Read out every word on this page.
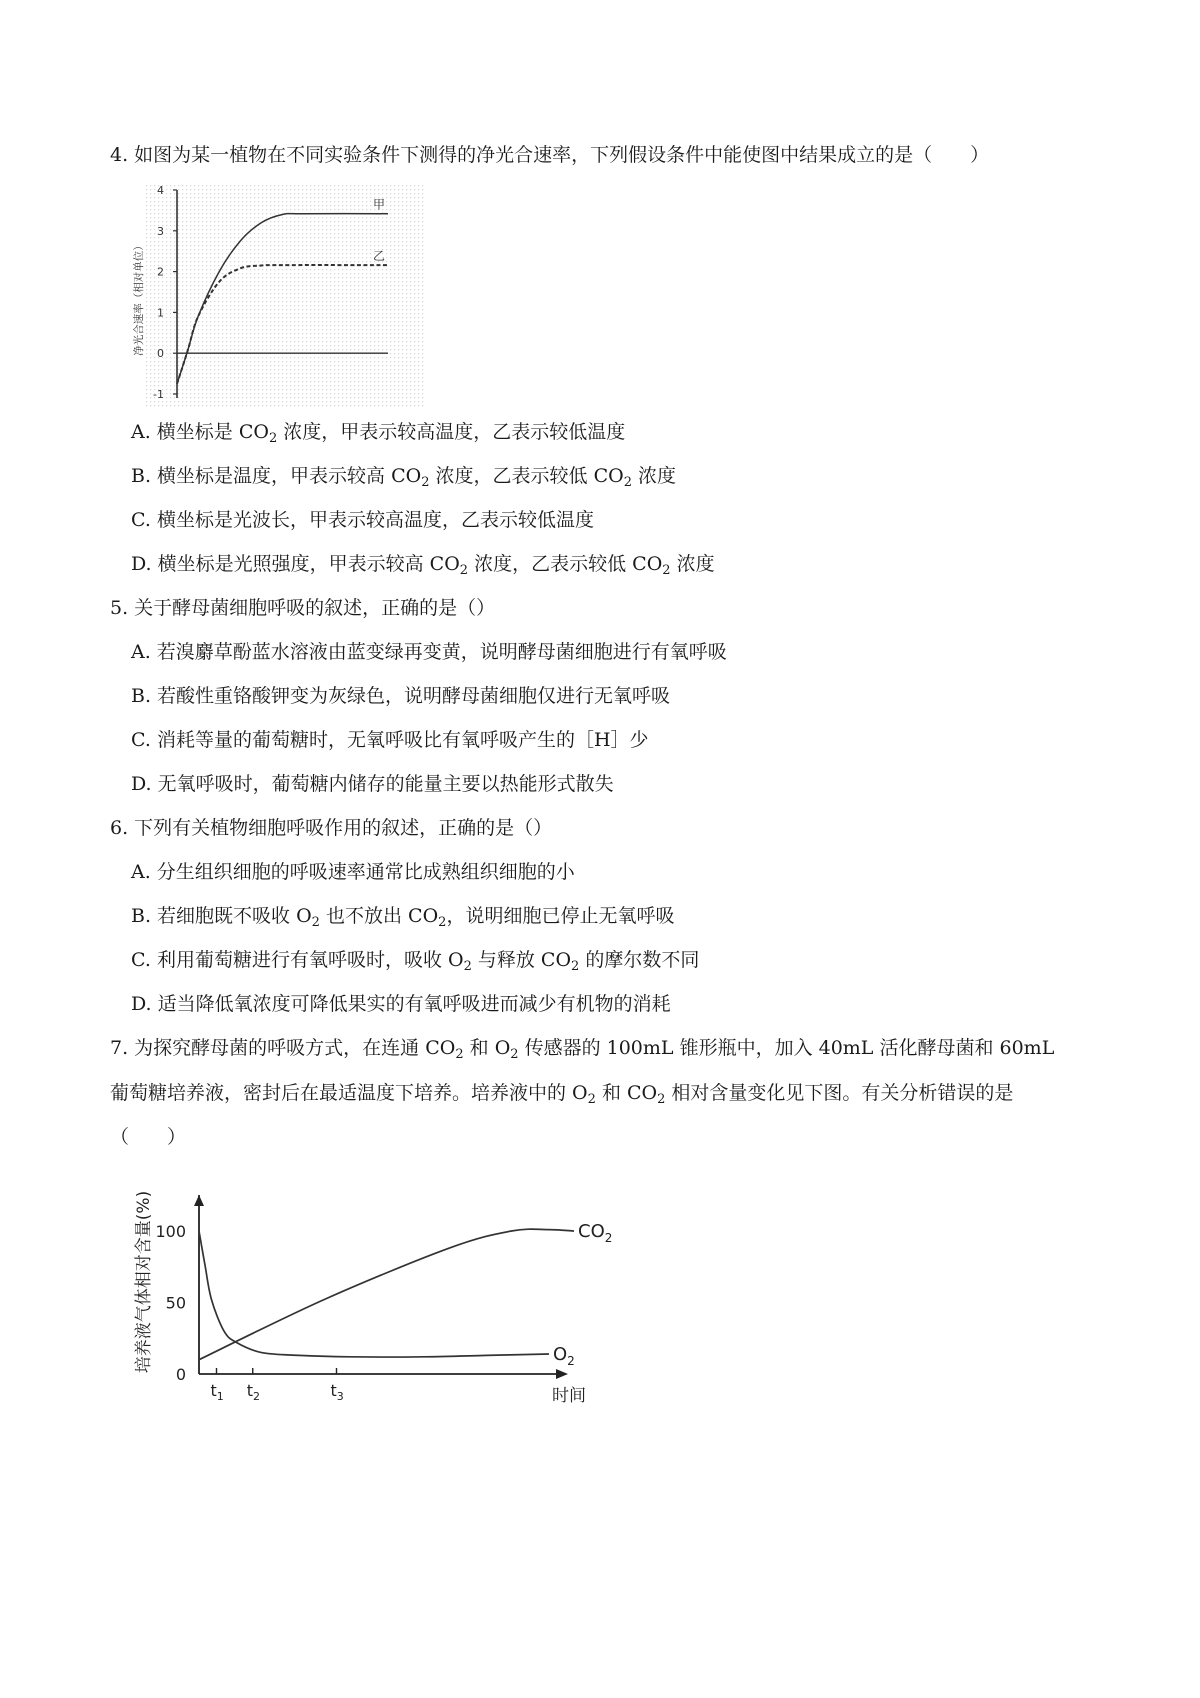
4. 如图为某一植物在不同实验条件下测得的净光合速率，下列假设条件中能使图中结果成立的是（　　）
4
3
2
1
0
-1
净光合速率（相对单位）
甲
乙
A. 横坐标是 $CO_2$ 浓度，甲表示较高温度，乙表示较低温度
B. 横坐标是温度，甲表示较高 $CO_2$ 浓度，乙表示较低 $CO_2$ 浓度
C. 横坐标是光波长，甲表示较高温度，乙表示较低温度
D. 横坐标是光照强度，甲表示较高 $CO_2$ 浓度，乙表示较低 $CO_2$ 浓度
5. 关于酵母菌细胞呼吸的叙述，正确的是（）
A. 若溴麝草酚蓝水溶液由蓝变绿再变黄，说明酵母菌细胞进行有氧呼吸
B. 若酸性重铬酸钾变为灰绿色，说明酵母菌细胞仅进行无氧呼吸
C. 消耗等量的葡萄糖时，无氧呼吸比有氧呼吸产生的［H］少
D. 无氧呼吸时，葡萄糖内储存的能量主要以热能形式散失
6. 下列有关植物细胞呼吸作用的叙述，正确的是（）
A. 分生组织细胞的呼吸速率通常比成熟组织细胞的小
B. 若细胞既不吸收 $O_2$ 也不放出 $CO_2$，说明细胞已停止无氧呼吸
C. 利用葡萄糖进行有氧呼吸时，吸收 $O_2$ 与释放 $CO_2$ 的摩尔数不同
D. 适当降低氧浓度可降低果实的有氧呼吸进而减少有机物的消耗
7. 为探究酵母菌的呼吸方式，在连通 $CO_2$ 和 $O_2$ 传感器的 100mL 锥形瓶中，加入 40mL 活化酵母菌和 60mL
葡萄糖培养液，密封后在最适温度下培养。培养液中的 $O_2$ 和 $CO_2$ 相对含量变化见下图。有关分析错误的是
（　　）
100
50
0
$t_1$ $t_2$	$t_3$	时间
培养液气体相对含量(%)	$CO_2$
$O_2$
